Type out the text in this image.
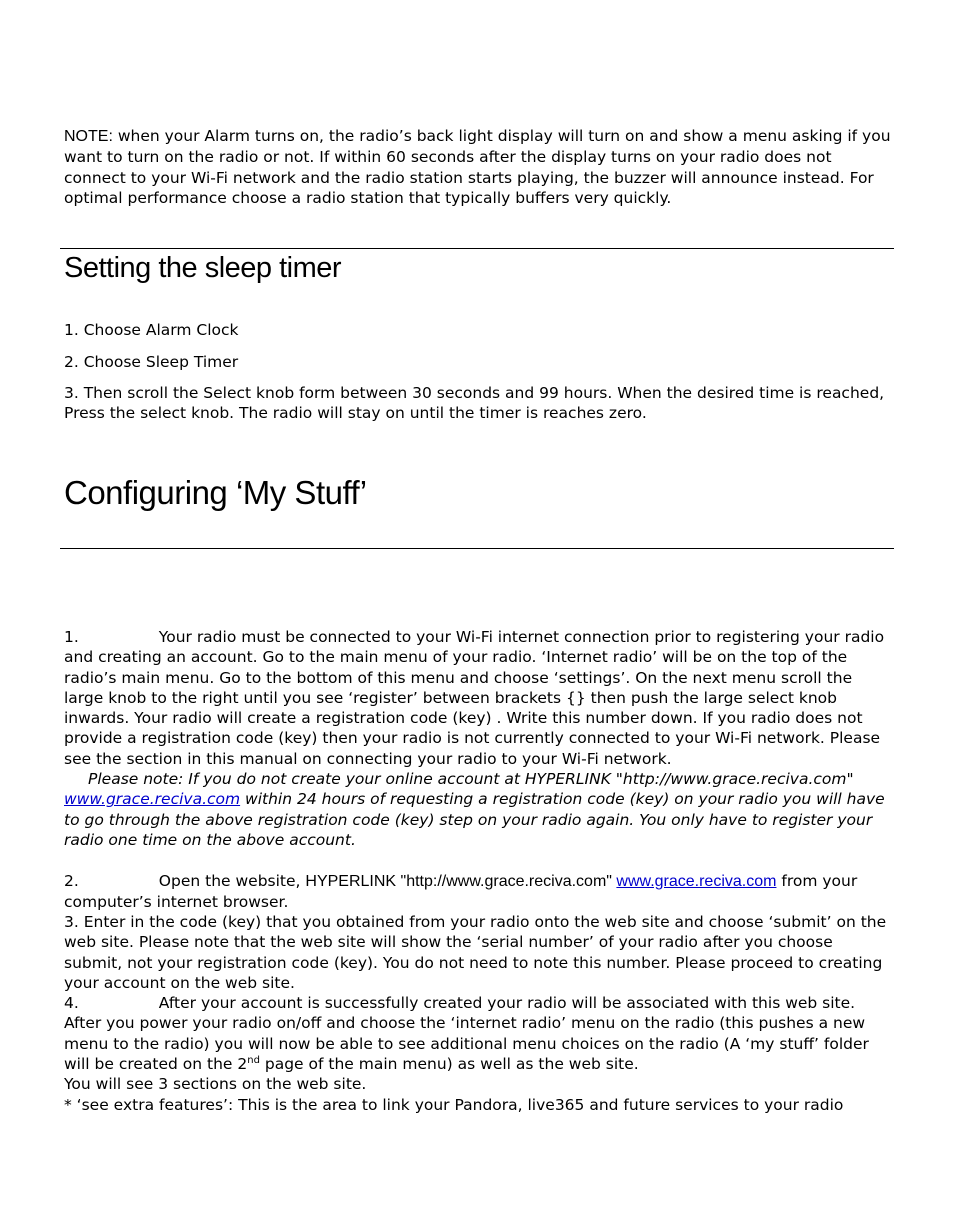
NOTE: when your Alarm turns on, the radio’s back light display will turn on and show a menu asking if you want to turn on the radio or not. If within 60 seconds after the display turns on your radio does not connect to your Wi-Fi network and the radio station starts playing, the buzzer will announce instead. For optimal performance choose a radio station that typically buffers very quickly.

Setting the sleep timer

1. Choose Alarm Clock

2. Choose Sleep Timer

3. Then scroll the Select knob form between 30 seconds and 99 hours. When the desired time is reached, Press the select knob. The radio will stay on until the timer is reaches zero.

Configuring ‘My Stuff’

1.	Your radio must be connected to your Wi-Fi internet connection prior to registering your radio and creating an account. Go to the main menu of your radio. ‘Internet radio’ will be on the top of the radio’s main menu. Go to the bottom of this menu and choose ‘settings’. On the next menu scroll the large knob to the right until you see ‘register’ between brackets {} then push the large select knob inwards. Your radio will create a registration code (key) . Write this number down. If you radio does not provide a registration code (key) then your radio is not currently connected to your Wi-Fi network. Please see the section in this manual on connecting your radio to your Wi-Fi network.

Please note: If you do not create your online account at HYPERLINK "http://www.grace.reciva.com" www.grace.reciva.com within 24 hours of requesting a registration code (key) on your radio you will have to go through the above registration code (key) step on your radio again. You only have to register your radio one time on the above account.

2.	Open the website, HYPERLINK "http://www.grace.reciva.com" www.grace.reciva.com from your computer’s internet browser.

3. Enter in the code (key) that you obtained from your radio onto the web site and choose ‘submit’ on the web site. Please note that the web site will show the ‘serial number’ of your radio after you choose submit, not your registration code (key). You do not need to note this number. Please proceed to creating your account on the web site.

4.	After your account is successfully created your radio will be associated with this web site. After you power your radio on/off and choose the ‘internet radio’ menu on the radio (this pushes a new menu to the radio) you will now be able to see additional menu choices on the radio (A ‘my stuff’ folder will be created on the 2nd page of the main menu) as well as the web site.

You will see 3 sections on the web site.

* ‘see extra features’: This is the area to link your Pandora, live365 and future services to your radio
